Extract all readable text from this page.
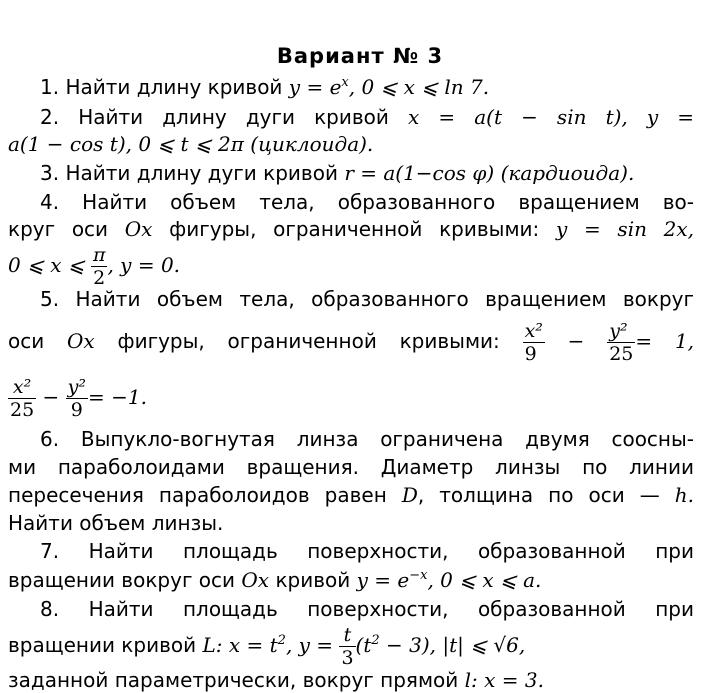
Вариант № 3
1. Найти длину кривой $y = e^x$, 0 ⩽ x ⩽ ln 7.
2. Найти длину дуги кривой x = a(t − sin t), y =
a(1 − cos t), 0 ⩽ t ⩽ 2π (циклоида).
3. Найти длину дуги кривой r = a(1−cos φ) (кардиоида).
4. Найти объем тела, образованного вращением во-
круг оси Ox фигуры, ограниченной кривыми: y = sin 2x,
0 ⩽ x ⩽ $\frac{\pi}{2}$ , y = 0.
5. Найти объем тела, образованного вращением вокруг
оси Ox фигуры, ограниченной кривыми: $\frac{\text{x²}}{9} - \frac{\text{y²}}{25} = 1$,
$\frac{\text{x²}}{25} - \frac{\text{y²}}{9} = -1$.
6. Выпукло-вогнутая линза ограничена двумя сооcны-
ми параболоидами вращения. Диаметр линзы по линии
пересечения параболоидов равен D, толщина по оси — h.
Найти объем линзы.
7. Найти площадь поверхности, образованной при
вращении вокруг оси Ox кривой $y = e^{-x}$, 0 ⩽ x ⩽ a.
8. Найти площадь поверхности, образованной при
вращении кривой L: $x = t^2$, $y = \frac{t}{3} (t^2 - 3)$, |t| ⩽ √6,
заданной параметрически, вокруг прямой l: x = 3.
